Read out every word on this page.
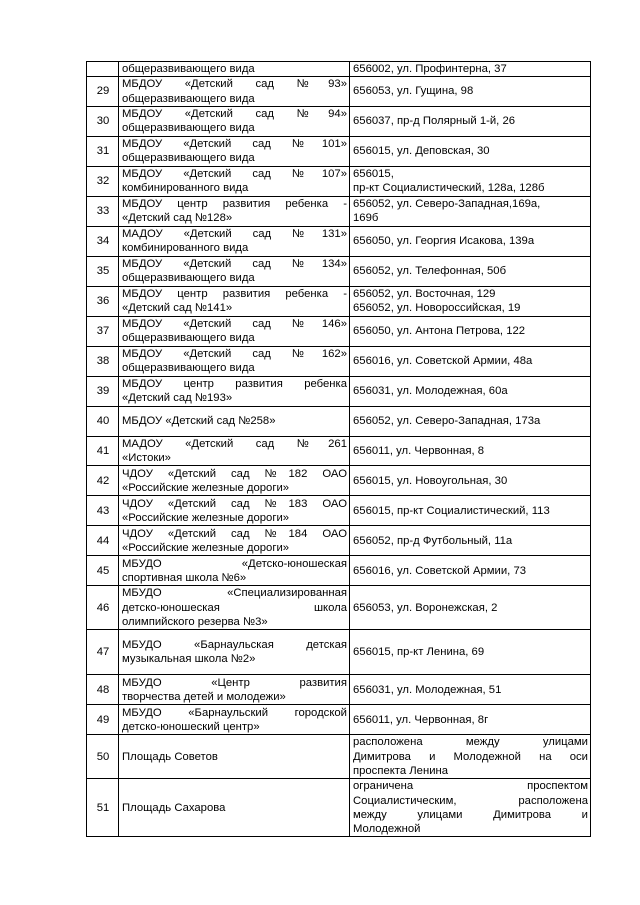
	общеразвивающего вида	656002, ул. Профинтерна, 37

29	МБДОУ «Детский сад №93»
общеразвивающего вида	656053, ул. Гущина, 98

30	МБДОУ «Детский сад №94»
общеразвивающего вида	656037, пр-д Полярный 1-й, 26

31	МБДОУ «Детский сад №101»
общеразвивающего вида	656015, ул. Деповская, 30

32	МБДОУ «Детский сад №107»
комбинированного вида	656015,
пр-кт Социалистический, 128а, 128б

33	МБДОУ центр развития ребенка -
«Детский сад №128»	656052, ул. Северо-Западная,169а,
169б

34	МАДОУ «Детский сад №131»
комбинированного вида	656050, ул. Георгия Исакова, 139а

35	МБДОУ «Детский сад №134»
общеразвивающего вида	656052, ул. Телефонная, 50б

36	МБДОУ центр развития ребенка -
«Детский сад №141»	656052, ул. Восточная, 129
656052, ул. Новороссийская, 19

37	МБДОУ «Детский сад №146»
общеразвивающего вида	656050, ул. Антона Петрова, 122

38	МБДОУ «Детский сад №162»
общеразвивающего вида	656016, ул. Советской Армии, 48а

39	МБДОУ центр развития ребенка
«Детский сад №193»	656031, ул. Молодежная, 60а

40	МБДОУ «Детский сад №258»	656052, ул. Северо-Западная, 173а

41	МАДОУ «Детский сад №261
«Истоки»	656011, ул. Червонная, 8

42	ЧДОУ «Детский сад №182 ОАО
«Российские железные дороги»	656015, ул. Новоугольная, 30

43	ЧДОУ «Детский сад №183 ОАО
«Российские железные дороги»	656015, пр-кт Социалистический, 113

44	ЧДОУ «Детский сад №184 ОАО
«Российские железные дороги»	656052, пр-д Футбольный, 11а

45	МБУДО «Детско-юношеская
спортивная школа №6»	656016, ул. Советской Армии, 73

46	МБУДО «Специализированная
детско-юношеская школа
олимпийского резерва №3»	656053, ул. Воронежская, 2

47	МБУДО «Барнаульская детская
музыкальная школа №2»	656015, пр-кт Ленина, 69

48	МБУДО «Центр развития
творчества детей и молодежи»	656031, ул. Молодежная, 51

49	МБУДО «Барнаульский городской
детско-юношеский центр»	656011, ул. Червонная, 8г

50	Площадь Советов	расположена между улицами
Димитрова и Молодежной на оси
проспекта Ленина

51	Площадь Сахарова	ограничена проспектом
Социалистическим, расположена
между улицами Димитрова и
Молодежной
